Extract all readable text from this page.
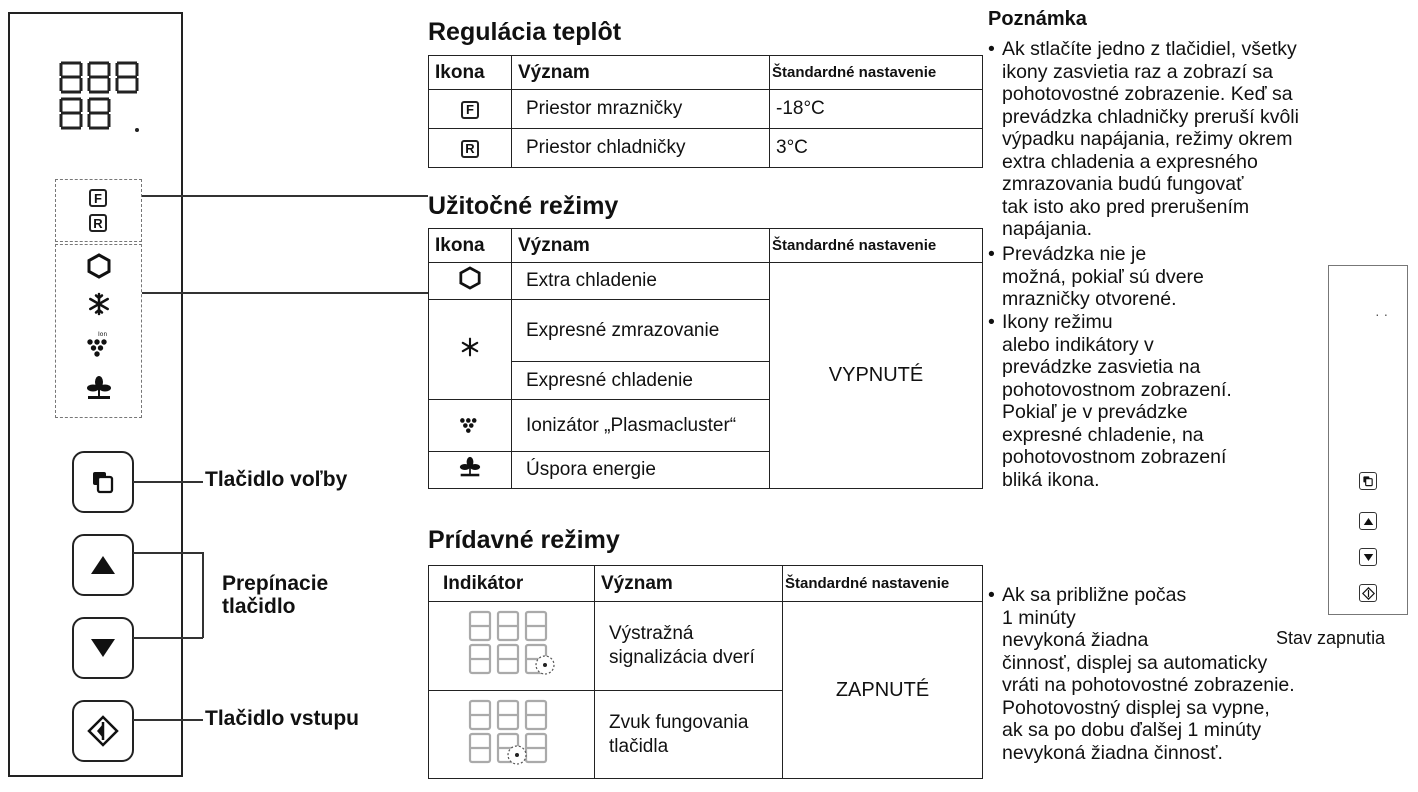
F
R
Ion
Tlačidlo voľby
Prepínacie
tlačidlo
Tlačidlo vstupu
Regulácia teplôt
Ikona	Význam	Štandardné nastavenie
F	Priestor mrazničky	-18°C
R	Priestor chladničky	3°C
Užitočné režimy
Ikona	Význam	Štandardné nastavenie
	Extra chladenie	VYPNUTÉ
	Expresné zmrazovanie	
	Expresné chladenie	
	Ionizátor „Plasmacluster“	
	Úspora energie	
Prídavné režimy
Indikátor	Význam	Štandardné nastavenie
	Výstražná signalizácia dverí	ZAPNUTÉ
	Zvuk fungovania tlačidla	
Poznámka
• Ak stlačíte jedno z tlačidiel, všetky
ikony zasvietia raz a zobrazí sa
pohotovostné zobrazenie. Keď sa
prevádzka chladničky preruší kvôli
výpadku napájania, režimy okrem
extra chladenia a expresného
zmrazovania budú fungovať
tak isto ako pred prerušením
napájania.
• Prevádzka nie je
možná, pokiaľ sú dvere
mrazničky otvorené.
• Ikony režimu
alebo indikátory v
prevádzke zasvietia na
pohotovostnom zobrazení.
Pokiaľ je v prevádzke
expresné chladenie, na
pohotovostnom zobrazení
bliká ikona.
• Ak sa približne počas
1 minúty
nevykoná žiadna
činnosť, displej sa automaticky
vráti na pohotovostné zobrazenie.
Pohotovostný displej sa vypne,
ak sa po dobu ďalšej 1 minúty
nevykoná žiadna činnosť.
· ·
Stav zapnutia
